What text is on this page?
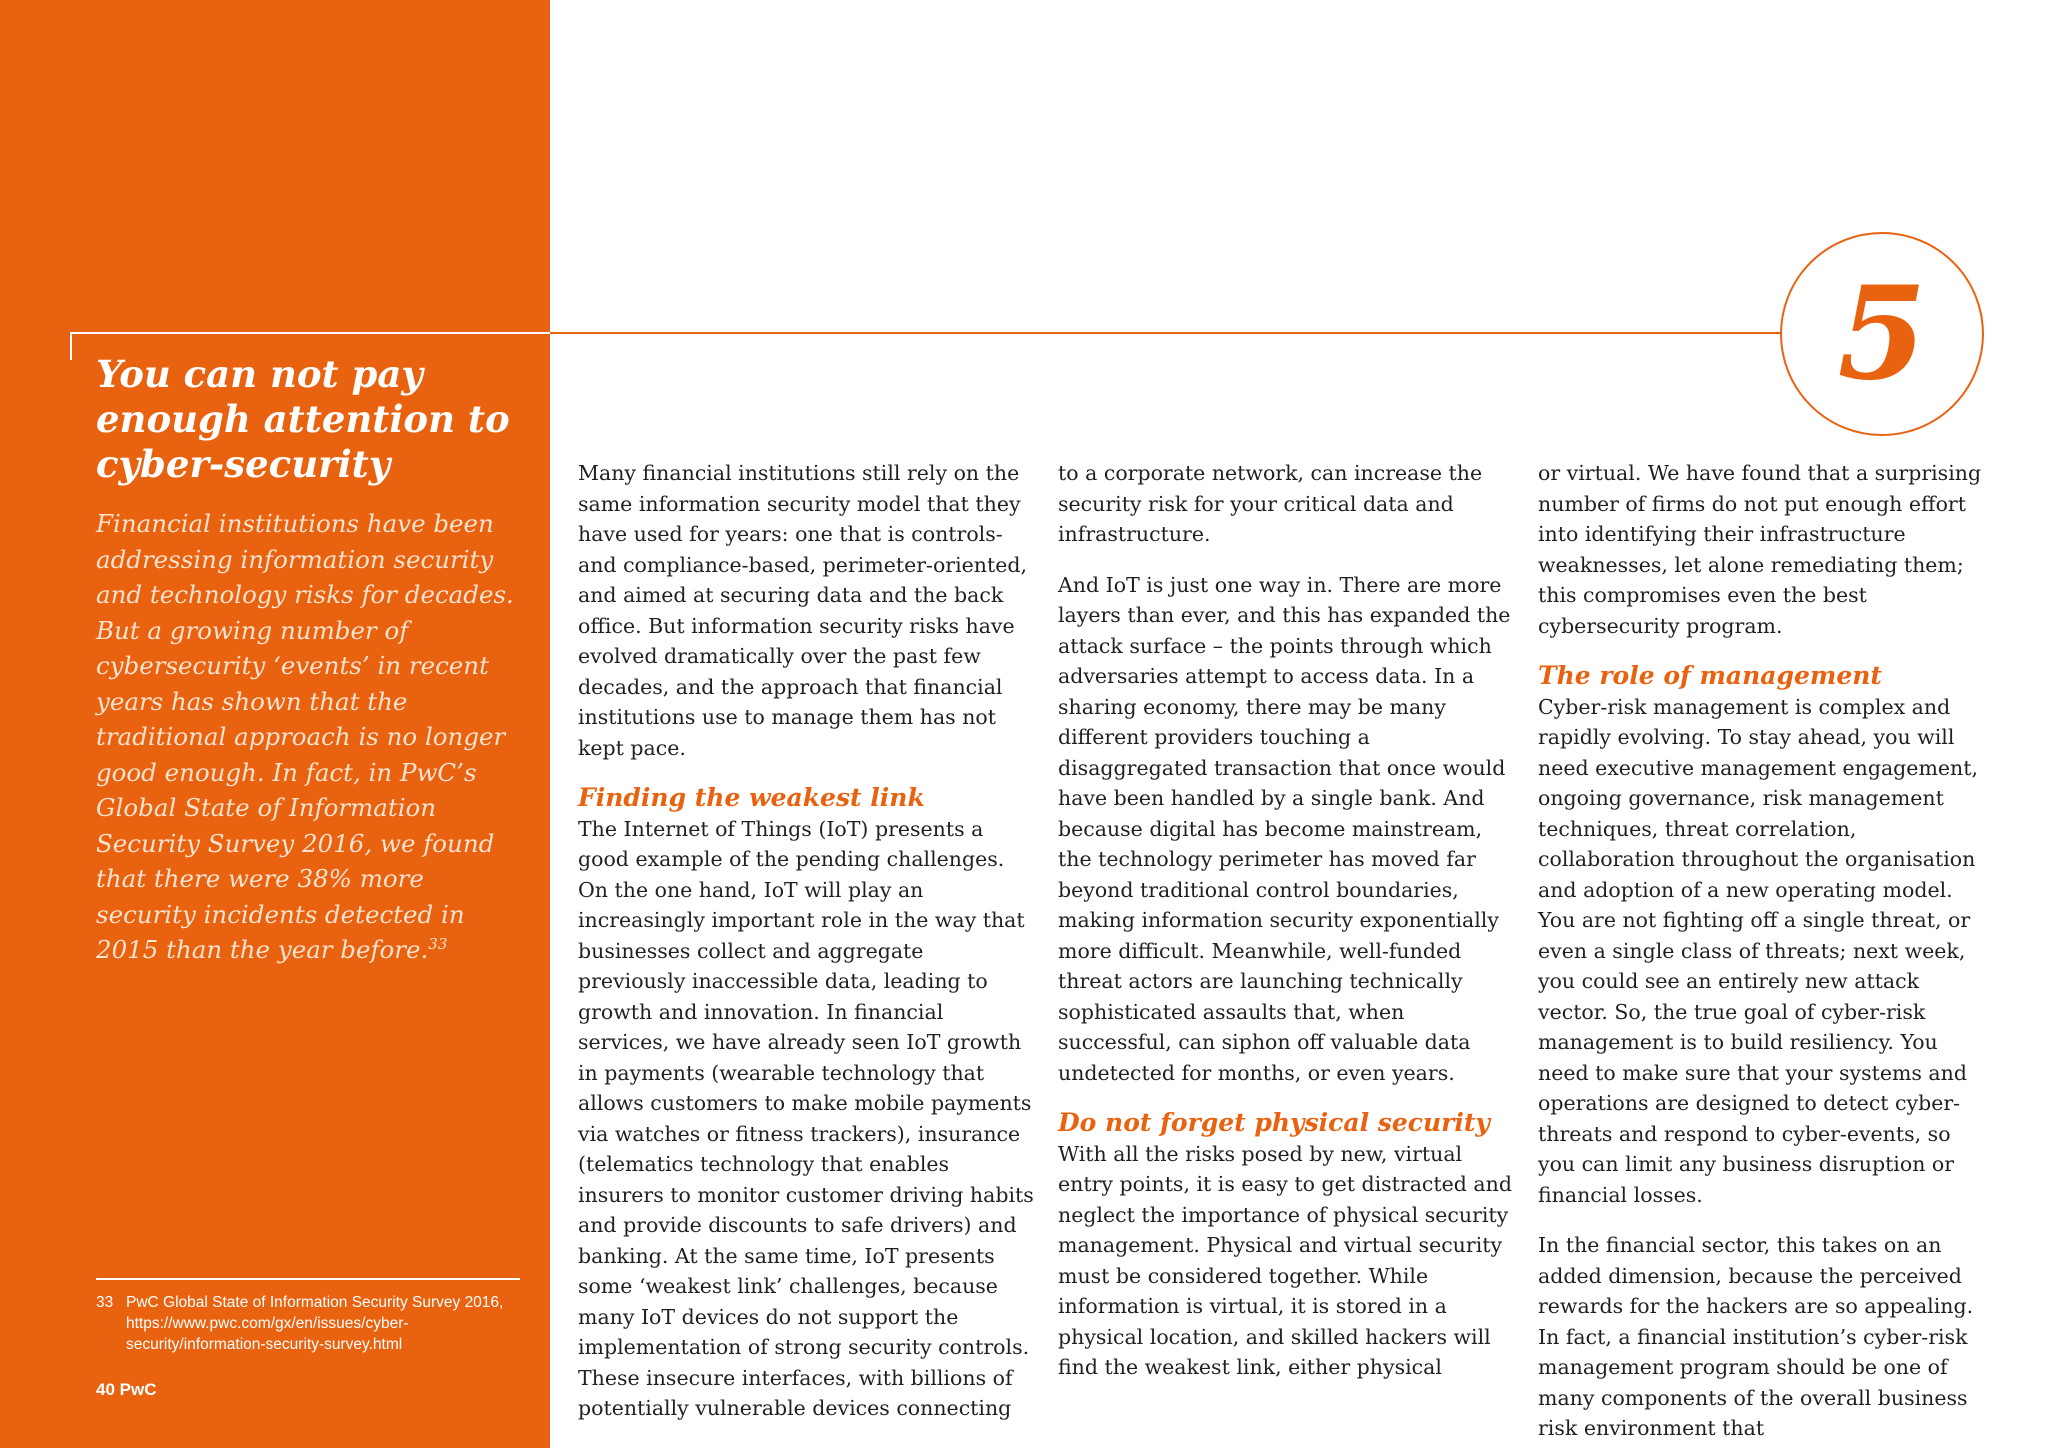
5
You can not pay enough attention to cyber-security

Financial institutions have been addressing information security and technology risks for decades. But a growing number of cybersecurity ‘events’ in recent years has shown that the traditional approach is no longer good enough. In fact, in PwC’s Global State of Information Security Survey 2016, we found that there were 38% more security incidents detected in 2015 than the year before.$^{33}$

33 PwC Global State of Information Security Survey 2016, https://www.pwc.com/gx/en/issues/cyber-security/information-security-survey.html
40 PwC

Many financial institutions still rely on the same information security model that they have used for years: one that is controls- and compliance-based, perimeter-oriented, and aimed at securing data and the back office. But information security risks have evolved dramatically over the past few decades, and the approach that financial institutions use to manage them has not kept pace.

Finding the weakest link

The Internet of Things (IoT) presents a good example of the pending challenges. On the one hand, IoT will play an increasingly important role in the way that businesses collect and aggregate previously inaccessible data, leading to growth and innovation. In financial services, we have already seen IoT growth in payments (wearable technology that allows customers to make mobile payments via watches or fitness trackers), insurance (telematics technology that enables insurers to monitor customer driving habits and provide discounts to safe drivers) and banking. At the same time, IoT presents some ‘weakest link’ challenges, because many IoT devices do not support the implementation of strong security controls. These insecure interfaces, with billions of potentially vulnerable devices connecting

to a corporate network, can increase the security risk for your critical data and infrastructure.

And IoT is just one way in. There are more layers than ever, and this has expanded the attack surface – the points through which adversaries attempt to access data. In a sharing economy, there may be many different providers touching a disaggregated transaction that once would have been handled by a single bank. And because digital has become mainstream, the technology perimeter has moved far beyond traditional control boundaries, making information security exponentially more difficult. Meanwhile, well-funded threat actors are launching technically sophisticated assaults that, when successful, can siphon off valuable data undetected for months, or even years.

Do not forget physical security

With all the risks posed by new, virtual entry points, it is easy to get distracted and neglect the importance of physical security management. Physical and virtual security must be considered together. While information is virtual, it is stored in a physical location, and skilled hackers will find the weakest link, either physical

or virtual. We have found that a surprising number of firms do not put enough effort into identifying their infrastructure weaknesses, let alone remediating them; this compromises even the best cybersecurity program.

The role of management

Cyber-risk management is complex and rapidly evolving. To stay ahead, you will need executive management engagement, ongoing governance, risk management techniques, threat correlation, collaboration throughout the organisation and adoption of a new operating model. You are not fighting off a single threat, or even a single class of threats; next week, you could see an entirely new attack vector. So, the true goal of cyber-risk management is to build resiliency. You need to make sure that your systems and operations are designed to detect cyber-threats and respond to cyber-events, so you can limit any business disruption or financial losses.

In the financial sector, this takes on an added dimension, because the perceived rewards for the hackers are so appealing. In fact, a financial institution’s cyber-risk management program should be one of many components of the overall business risk environment that
